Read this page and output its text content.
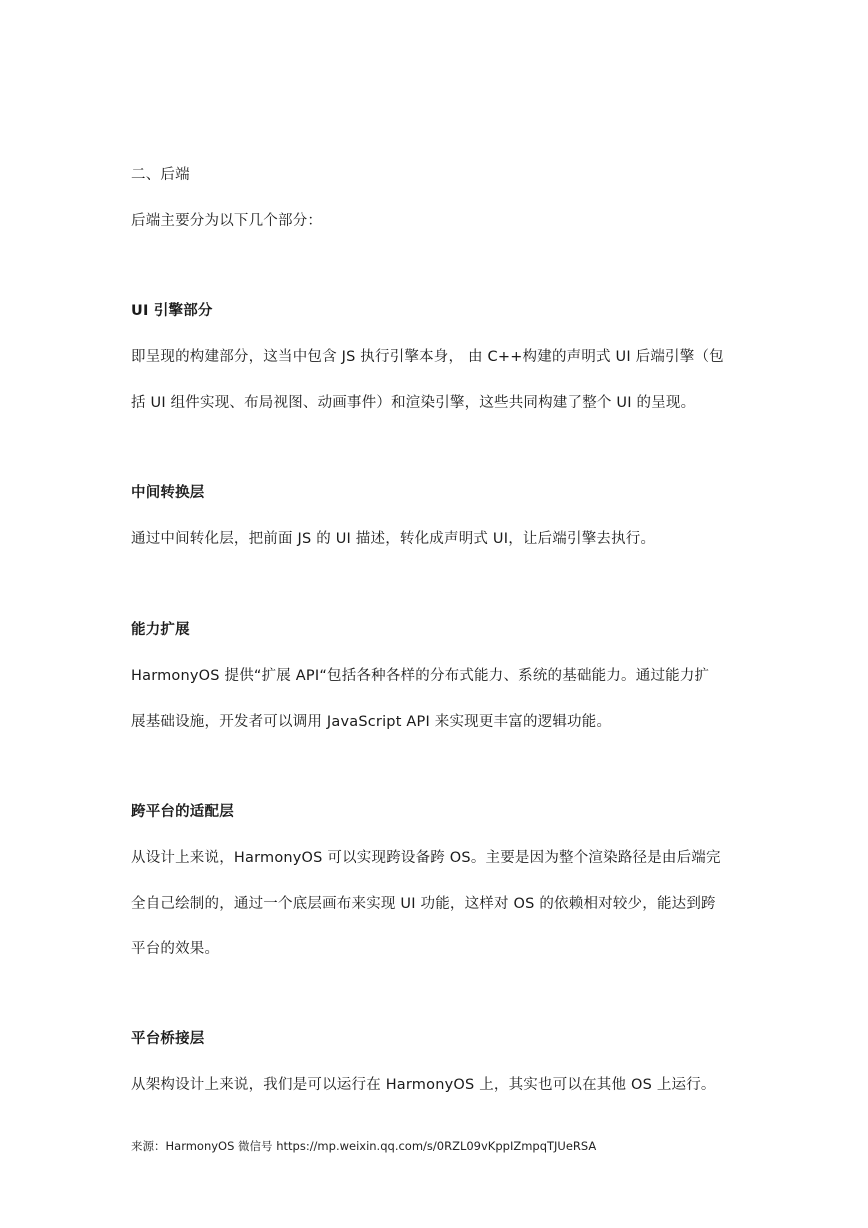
二、后端
后端主要分为以下几个部分：
UI 引擎部分
即呈现的构建部分，这当中包含 JS 执行引擎本身， 由 C++构建的声明式 UI 后端引擎（包
括 UI 组件实现、布局视图、动画事件）和渲染引擎，这些共同构建了整个 UI 的呈现。
中间转换层
通过中间转化层，把前面 JS 的 UI 描述，转化成声明式 UI，让后端引擎去执行。
能力扩展
HarmonyOS 提供“扩展 API“包括各种各样的分布式能力、系统的基础能力。通过能力扩
展基础设施，开发者可以调用 JavaScript API 来实现更丰富的逻辑功能。
跨平台的适配层
从设计上来说，HarmonyOS 可以实现跨设备跨 OS。主要是因为整个渲染路径是由后端完
全自己绘制的，通过一个底层画布来实现 UI 功能，这样对 OS 的依赖相对较少，能达到跨
平台的效果。
平台桥接层
从架构设计上来说，我们是可以运行在 HarmonyOS 上，其实也可以在其他 OS 上运行。
来源：HarmonyOS 微信号 https://mp.weixin.qq.com/s/0RZL09vKppIZmpqTJUeRSA
